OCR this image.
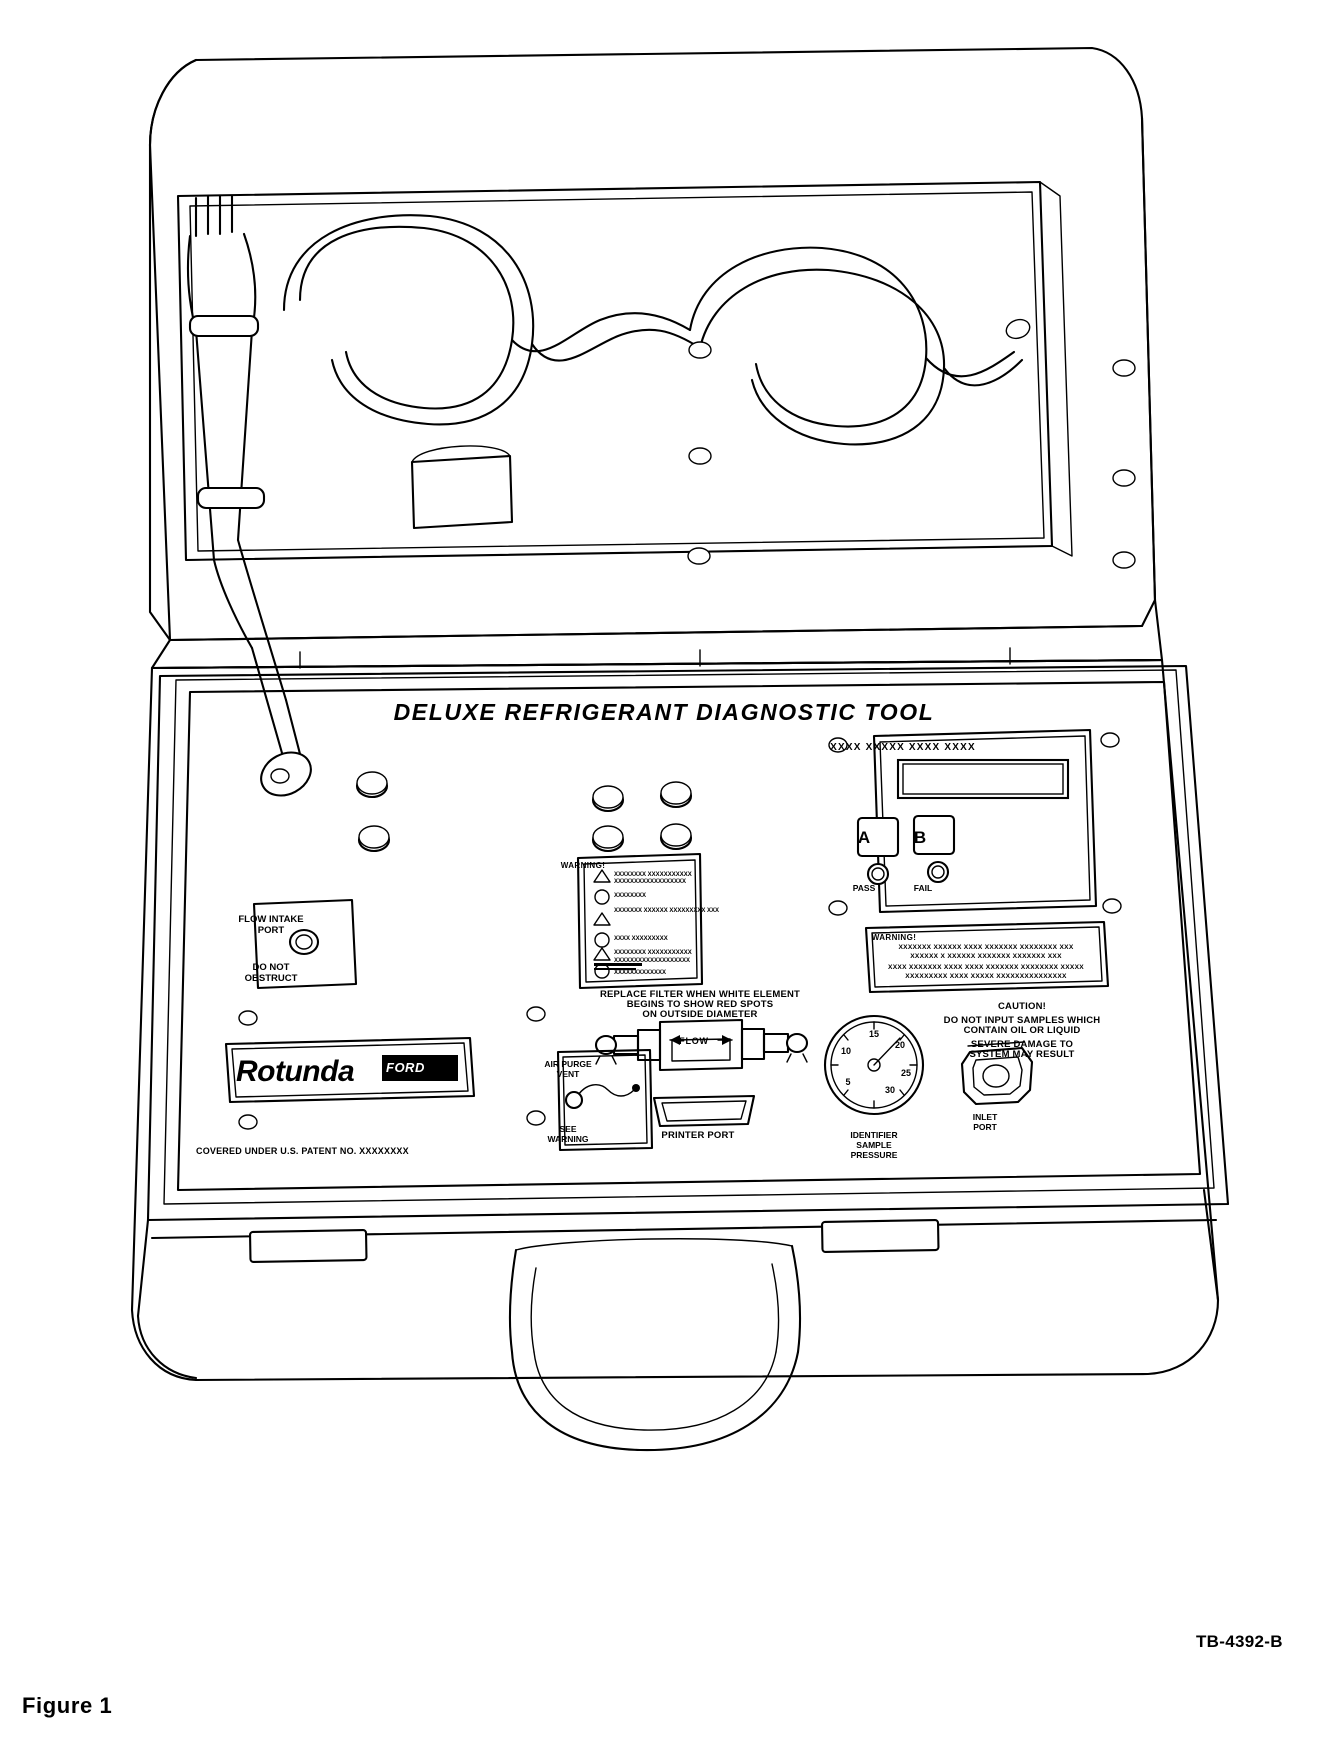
DELUXE REFRIGERANT DIAGNOSTIC TOOL
FLOW INTAKE
PORT
DO NOT
OBSTRUCT
XXXX XXXXX XXXX XXXX
A	B
PASS	FAIL
WARNING!
XXXXXXX XXXXXX XXXX XXXXXXX XXXXXXXX XXX
XXXXXX X XXXXXX XXXXXXX XXXXXXX XXX
XXXX XXXXXXX XXXX XXXX XXXXXXX XXXXXXXX XXXXX
XXXXXXXXX XXXX XXXXX XXXXXXXXXXXXXXX
WARNING!
XXXXXXXX XXXXXXXXXXX
XXXXXXXXXXXXXXXXXX
XXXXXXXX
XXXXXXX XXXXXX XXXXXXXXX XXX
XXXX XXXXXXXXX
XXXXXXXX XXXXXXXXXXX
XXXXXXXXXXXXXXXXXXX
XXXXXXXXXXXXX
REPLACE FILTER WHEN WHITE ELEMENT
BEGINS TO SHOW RED SPOTS
ON OUTSIDE DIAMETER
FLOW
AIR PURGE
VENT
SEE
WARNING	PRINTER PORT
15
20
25
30
5
10
IDENTIFIER
SAMPLE
PRESSURE
CAUTION!
DO NOT INPUT SAMPLES WHICH
CONTAIN OIL OR LIQUID
SEVERE DAMAGE TO
SYSTEM MAY RESULT
INLET
PORT
Rotunda FORD
COVERED UNDER U.S. PATENT NO. XXXXXXXX
TB-4392-B
Figure 1
